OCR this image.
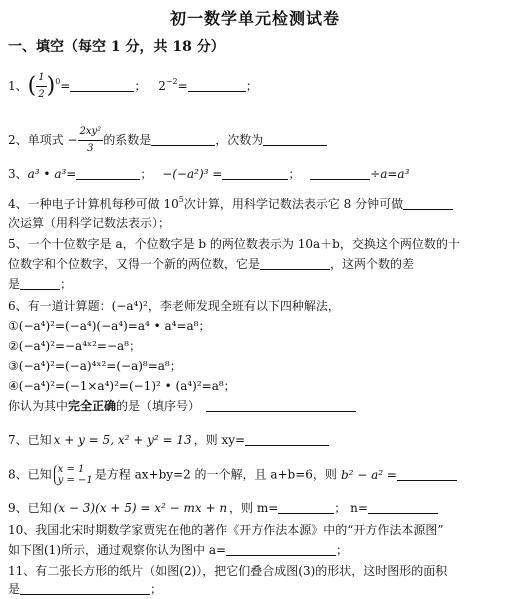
初一数学单元检测试卷
一、填空（每空 1 分，共 18 分）
1、( $\frac{1}{2} )^0=$	； $2^{-2}=$	；
2、单项式 − $\frac{\text{2xy²}}{3}$ 的系数是	，次数为
3、a³ • a³=	； −(−a²)³ =	；	÷a=a³
4、一种电子计算机每秒可做 $10^5$次计算，用科学记数法表示它 8 分钟可做
次运算（用科学记数法表示）；
5、一个十位数字是 a，个位数字是 b 的两位数表示为 10a＋b，交换这个两位数的十
位数字和个位数字，又得一个新的两位数，它是	，这两个数的差
是	；
6、有一道计算题：(−a⁴)²，李老师发现全班有以下四种解法，
①(−a⁴)²=(−a⁴)(−a⁴)=a⁴ • a⁴=a⁸；
②(−a⁴)²=−a⁴ˣ²=−a⁸；
③(−a⁴)²=(−a)⁴ˣ²=(−a)⁸=a⁸；
④(−a⁴)²=(−1×a⁴)²=(−1)² • (a⁴)²=a⁸；
你认为其中完全正确的是（填序号）
7、已知 x + y = 5, x² + y² = 13 ，则 xy=
8、已知 x = 1
y = −1 是方程 ax+by=2 的一个解，且 a+b=6，则 b² − a² =
9、已知 (x − 3)(x + 5) = x² − mx + n ，则 m=	； n=
10、我国北宋时期数学家贾宪在他的著作《开方作法本源》中的“开方作法本源图”
如下图(1)所示，通过观察你认为图中 a=	；
11、有二张长方形的纸片（如图(2)），把它们叠合成图(3)的形状，这时图形的面积
是	；
